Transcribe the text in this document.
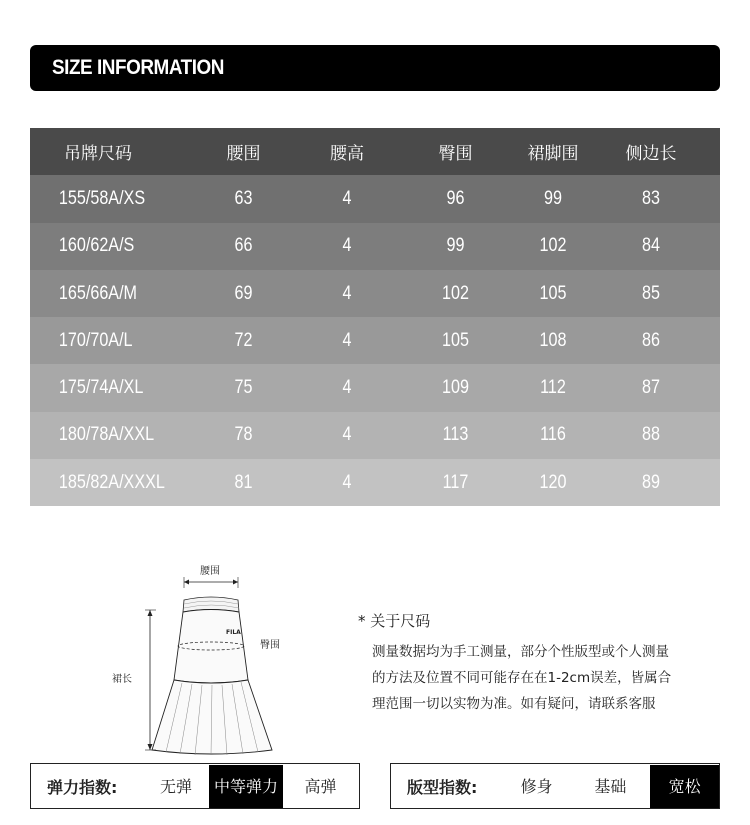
SIZE INFORMATION
吊牌尺码	腰围	腰高	臀围	裙脚围	侧边长
155/58A/XS	63	4	96	99	83
160/62A/S	66	4	99	102	84
165/66A/M	69	4	102	105	85
170/70A/L	72	4	105	108	86
175/74A/XL	75	4	109	112	87
180/78A/XXL	78	4	113	116	88
185/82A/XXXL	81	4	117	120	89
腰围
FILA
臀围
裙长
* 关于尺码
测量数据均为手工测量，部分个性版型或个人测量
的方法及位置不同可能存在在1-2cm误差，皆属合
理范围一切以实物为准。如有疑问，请联系客服
弹力指数:	无弹	中等弹力	高弹	版型指数:	修身	基础	宽松
